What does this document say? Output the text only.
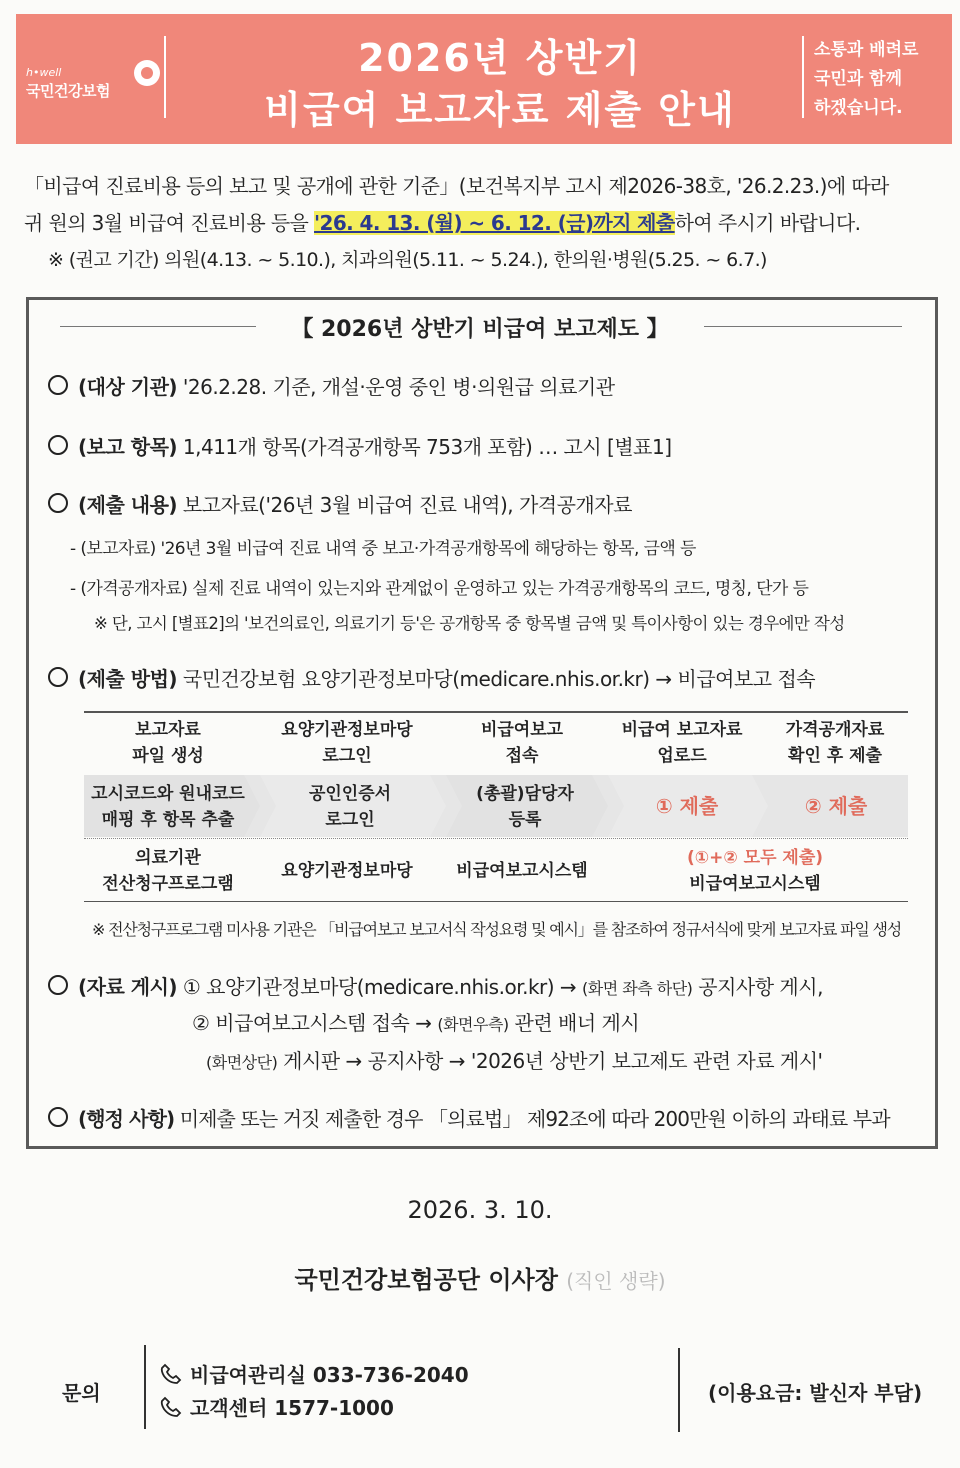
h•well
국민건강보험
2026년 상반기
비급여 보고자료 제출 안내
소통과 배려로
국민과 함께
하겠습니다.
「비급여 진료비용 등의 보고 및 공개에 관한 기준」(보건복지부 고시 제2026-38호, '26.2.23.)에 따라
귀 원의 3월 비급여 진료비용 등을 '26. 4. 13. (월) ~ 6. 12. (금)까지 제출하여 주시기 바랍니다.
※ (권고 기간) 의원(4.13. ~ 5.10.), 치과의원(5.11. ~ 5.24.), 한의원·병원(5.25. ~ 6.7.)
【 2026년 상반기 비급여 보고제도 】
(대상 기관) '26.2.28. 기준, 개설·운영 중인 병·의원급 의료기관
(보고 항목) 1,411개 항목(가격공개항목 753개 포함) … 고시 [별표1]
(제출 내용) 보고자료('26년 3월 비급여 진료 내역), 가격공개자료
- (보고자료) '26년 3월 비급여 진료 내역 중 보고·가격공개항목에 해당하는 항목, 금액 등
- (가격공개자료) 실제 진료 내역이 있는지와 관계없이 운영하고 있는 가격공개항목의 코드, 명칭, 단가 등
※ 단, 고시 [별표2]의 '보건의료인, 의료기기 등'은 공개항목 중 항목별 금액 및 특이사항이 있는 경우에만 작성
(제출 방법) 국민건강보험 요양기관정보마당(medicare.nhis.or.kr) → 비급여보고 접속
보고자료
파일 생성
요양기관정보마당
로그인
비급여보고
접속
비급여 보고자료
업로드
가격공개자료
확인 후 제출
고시코드와 원내코드
매핑 후 항목 추출
공인인증서
로그인
(총괄)담당자
등록
① 제출	② 제출
의료기관
전산청구프로그램
요양기관정보마당	비급여보고시스템
(①+② 모두 제출)
비급여보고시스템
※ 전산청구프로그램 미사용 기관은 「비급여보고 보고서식 작성요령 및 예시」를 참조하여 정규서식에 맞게 보고자료 파일 생성
(자료 게시) ① 요양기관정보마당(medicare.nhis.or.kr) → (화면 좌측 하단) 공지사항 게시,
② 비급여보고시스템 접속 → (화면우측) 관련 배너 게시
(화면상단) 게시판 → 공지사항 → '2026년 상반기 보고제도 관련 자료 게시'
(행정 사항) 미제출 또는 거짓 제출한 경우 「의료법」 제92조에 따라 200만원 이하의 과태료 부과
2026. 3. 10.
국민건강보험공단 이사장 (직인 생략)
문의
비급여관리실 033-736-2040
고객센터 1577-1000
(이용요금: 발신자 부담)
